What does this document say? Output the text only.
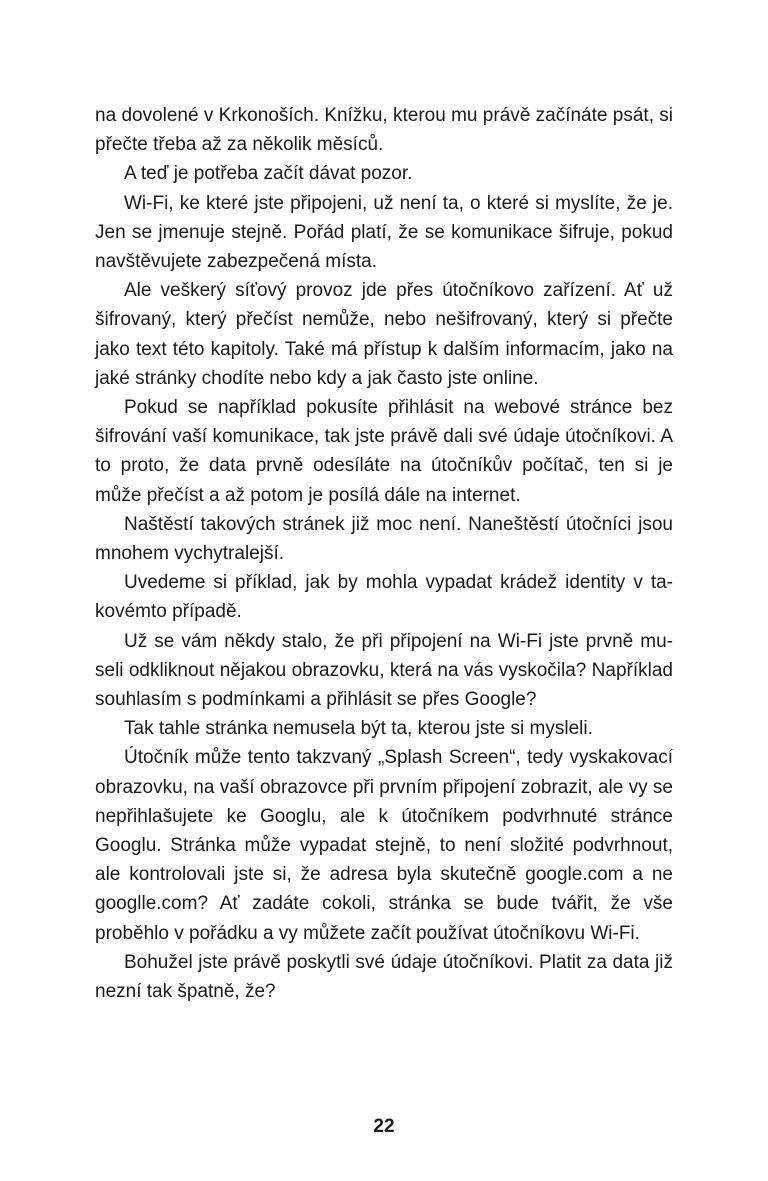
na dovolené v Krkonoších. Knížku, kterou mu právě začínáte psát, si přečte třeba až za několik měsíců.

A teď je potřeba začít dávat pozor.

Wi-Fi, ke které jste připojeni, už není ta, o které si myslíte, že je. Jen se jmenuje stejně. Pořád platí, že se komunikace šifruje, pokud navštěvujete zabezpečená místa.

Ale veškerý síťový provoz jde přes útočníkovo zařízení. Ať už šifrovaný, který přečíst nemůže, nebo nešifrovaný, který si přečte jako text této kapitoly. Také má přístup k dalším informacím, jako na jaké stránky chodíte nebo kdy a jak často jste online.

Pokud se například pokusíte přihlásit na webové stránce bez šifrování vaší komunikace, tak jste právě dali své údaje útočníkovi. A to proto, že data prvně odesíláte na útočníkův počítač, ten si je může přečíst a až potom je posílá dále na internet.

Naštěstí takových stránek již moc není. Naneštěstí útočníci jsou mnohem vychytralejší.

Uvedeme si příklad, jak by mohla vypadat krádež identity v takovémto případě.

Už se vám někdy stalo, že při připojení na Wi-Fi jste prvně museli odkliknout nějakou obrazovku, která na vás vyskočila? Například souhlasím s podmínkami a přihlásit se přes Google?

Tak tahle stránka nemusela být ta, kterou jste si mysleli.

Útočník může tento takzvaný „Splash Screen“, tedy vyskakovací obrazovku, na vaší obrazovce při prvním připojení zobrazit, ale vy se nepřihlašujete ke Googlu, ale k útočníkem podvrhnuté stránce Googlu. Stránka může vypadat stejně, to není složité podvrhnout, ale kontrolovali jste si, že adresa byla skutečně google.com a ne googlle.com? Ať zadáte cokoli, stránka se bude tvářit, že vše proběhlo v pořádku a vy můžete začít používat útočníkovu Wi-Fi.

Bohužel jste právě poskytli své údaje útočníkovi. Platit za data již nezní tak špatně, že?

22
